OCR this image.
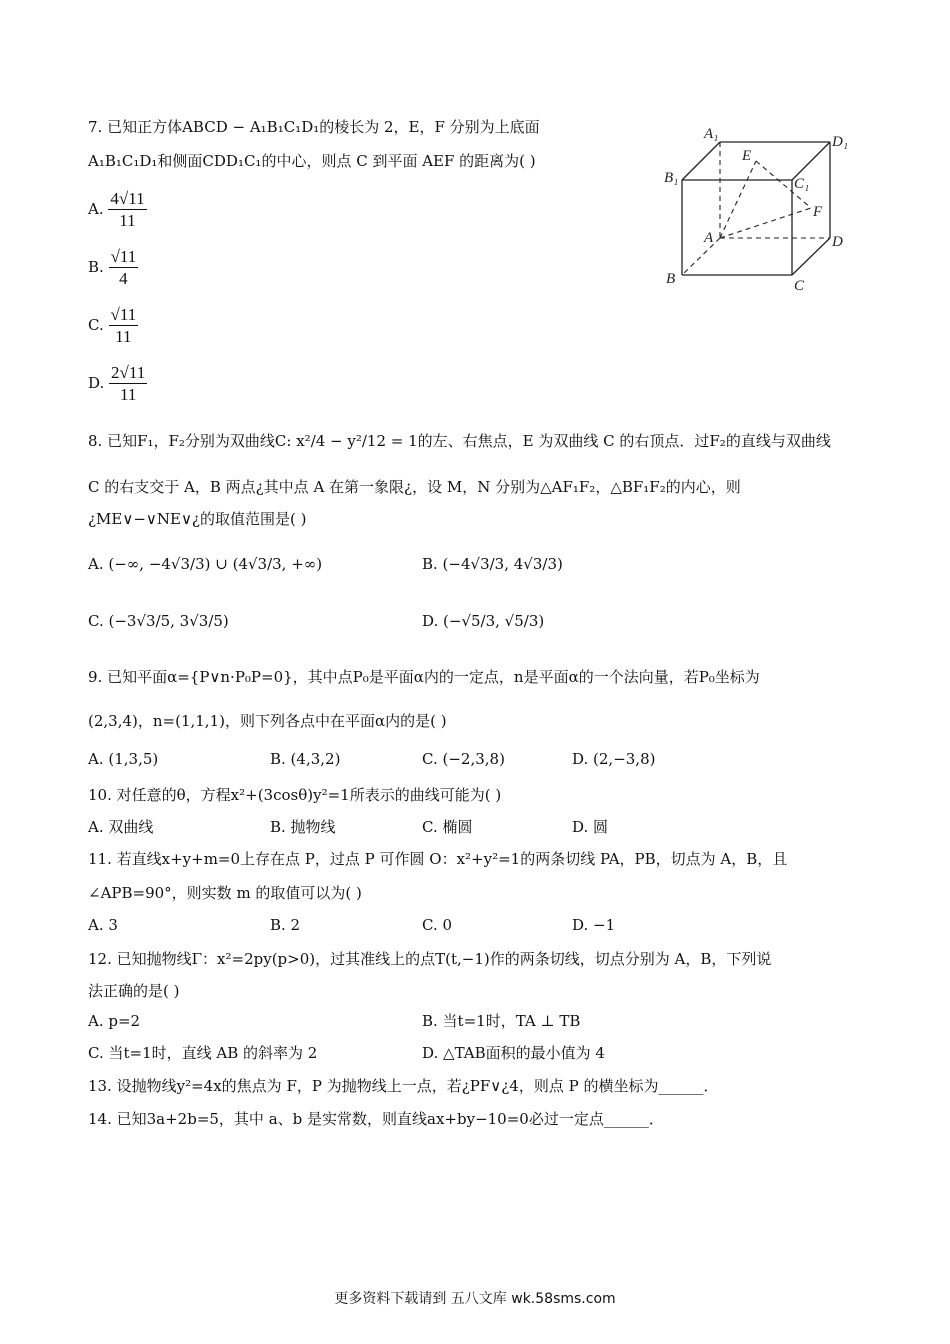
7. 已知正方体ABCD − A₁B₁C₁D₁的棱长为 2，E，F 分别为上底面
A₁B₁C₁D₁和侧面CDD₁C₁的中心，则点 C 到平面 AEF 的距离为( )
A. $\frac{4√11}{11}$
B. $\frac{√11}{4}$
C. $\frac{√11}{11}$
D. $\frac{2√11}{11}$
A₁	D₁
B₁
E
C₁
F
A	D
B	C
8. 已知F₁，F₂分别为双曲线C: x²/4 − y²/12 = 1的左、右焦点，E 为双曲线 C 的右顶点．过F₂的直线与双曲线
C 的右支交于 A，B 两点¿其中点 A 在第一象限¿，设 M，N 分别为△AF₁F₂，△BF₁F₂的内心，则
¿ME∨−∨NE∨¿的取值范围是( )
A. (−∞, −4√3/3) ∪ (4√3/3, +∞)	B. (−4√3/3, 4√3/3)
C. (−3√3/5, 3√3/5)	D. (−√5/3, √5/3)
9. 已知平面α={P∨n·P₀P=0}，其中点P₀是平面α内的一定点，n是平面α的一个法向量，若P₀坐标为
(2,3,4)，n=(1,1,1)，则下列各点中在平面α内的是( )
A. (1,3,5)	B. (4,3,2)	C. (−2,3,8)	D. (2,−3,8)
10. 对任意的θ，方程x²+(3cosθ)y²=1所表示的曲线可能为( )
A. 双曲线	B. 抛物线	C. 椭圆	D. 圆
11. 若直线x+y+m=0上存在点 P，过点 P 可作圆 O：x²+y²=1的两条切线 PA，PB，切点为 A，B，且
∠APB=90°，则实数 m 的取值可以为( )
A. 3	B. 2	C. 0	D. −1
12. 已知抛物线Γ：x²=2py(p>0)，过其准线上的点T(t,−1)作的两条切线，切点分别为 A，B，下列说
法正确的是( )
A. p=2	B. 当t=1时，TA ⊥ TB
C. 当t=1时，直线 AB 的斜率为 2	D. △TAB面积的最小值为 4
13. 设抛物线y²=4x的焦点为 F，P 为抛物线上一点，若¿PF∨¿4，则点 P 的横坐标为______．
14. 已知3a+2b=5，其中 a、b 是实常数，则直线ax+by−10=0必过一定点______．
更多资料下载请到 五八文库 wk.58sms.com
